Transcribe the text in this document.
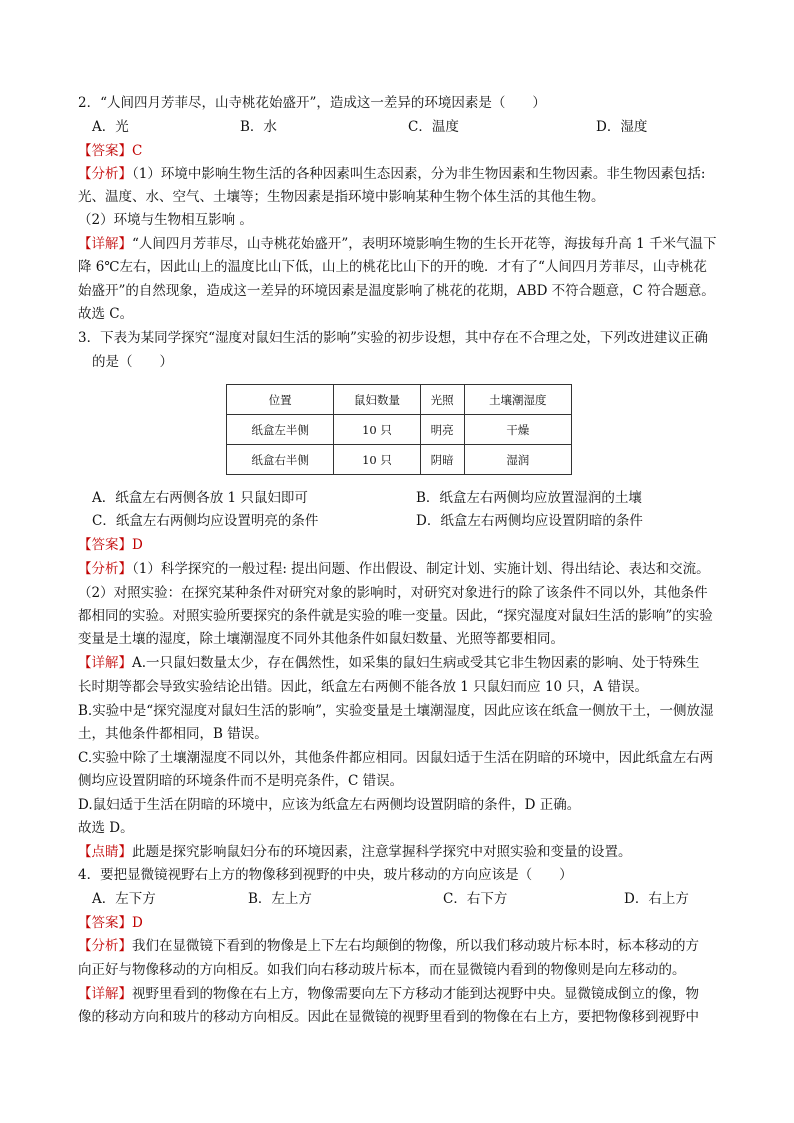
2．“人间四月芳菲尽，山寺桃花始盛开”，造成这一差异的环境因素是（　　）
A．光	B．水	C．温度	D．湿度
【答案】C
【分析】（1）环境中影响生物生活的各种因素叫生态因素，分为非生物因素和生物因素。非生物因素包括:
光、温度、水、空气、土壤等；生物因素是指环境中影响某种生物个体生活的其他生物。
（2）环境与生物相互影响 。
【详解】“人间四月芳菲尽，山寺桃花始盛开”，表明环境影响生物的生长开花等，海拔每升高 1 千米气温下
降 6℃左右，因此山上的温度比山下低，山上的桃花比山下的开的晚．才有了“人间四月芳菲尽，山寺桃花
始盛开”的自然现象，造成这一差异的环境因素是温度影响了桃花的花期，ABD 不符合题意，C 符合题意。
故选 C。
3．下表为某同学探究“湿度对鼠妇生活的影响”实验的初步设想，其中存在不合理之处，下列改进建议正确
的是（　　）
位置	鼠妇数量	光照	土壤潮湿度
纸盒左半侧	10 只	明亮	干燥
纸盒右半侧	10 只	阴暗	湿润
A．纸盒左右两侧各放 1 只鼠妇即可	B．纸盒左右两侧均应放置湿润的土壤
C．纸盒左右两侧均应设置明亮的条件	D．纸盒左右两侧均应设置阴暗的条件
【答案】D
【分析】（1）科学探究的一般过程: 提出问题、作出假设、制定计划、实施计划、得出结论、表达和交流。
（2）对照实验：在探究某种条件对研究对象的影响时，对研究对象进行的除了该条件不同以外，其他条件
都相同的实验。对照实验所要探究的条件就是实验的唯一变量。因此，“探究湿度对鼠妇生活的影响”的实验
变量是土壤的湿度，除土壤潮湿度不同外其他条件如鼠妇数量、光照等都要相同。
【详解】A.一只鼠妇数量太少，存在偶然性，如采集的鼠妇生病或受其它非生物因素的影响、处于特殊生
长时期等都会导致实验结论出错。因此，纸盒左右两侧不能各放 1 只鼠妇而应 10 只，A 错误。
B.实验中是“探究湿度对鼠妇生活的影响”，实验变量是土壤潮湿度，因此应该在纸盒一侧放干土，一侧放湿
土，其他条件都相同，B 错误。
C.实验中除了土壤潮湿度不同以外，其他条件都应相同。因鼠妇适于生活在阴暗的环境中，因此纸盒左右两
侧均应设置阴暗的环境条件而不是明亮条件，C 错误。
D.鼠妇适于生活在阴暗的环境中，应该为纸盒左右两侧均设置阴暗的条件，D 正确。
故选 D。
【点睛】此题是探究影响鼠妇分布的环境因素，注意掌握科学探究中对照实验和变量的设置。
4．要把显微镜视野右上方的物像移到视野的中央，玻片移动的方向应该是（　　）
A．左下方	B．左上方	C．右下方	D．右上方
【答案】D
【分析】我们在显微镜下看到的物像是上下左右均颠倒的物像，所以我们移动玻片标本时，标本移动的方
向正好与物像移动的方向相反。如我们向右移动玻片标本，而在显微镜内看到的物像则是向左移动的。
【详解】视野里看到的物像在右上方，物像需要向左下方移动才能到达视野中央。显微镜成倒立的像，物
像的移动方向和玻片的移动方向相反。因此在显微镜的视野里看到的物像在右上方，要把物像移到视野中
